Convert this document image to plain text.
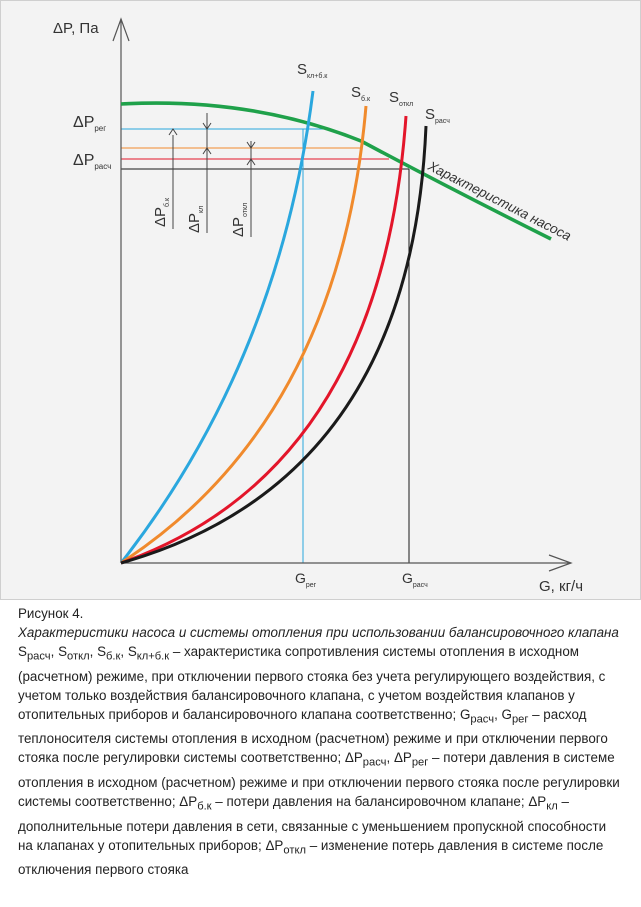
ΔP, Па
G, кг/ч
$\Delta P_{рег}$
$\Delta P_{расч}$
$G_{рег}$	$G_{расч}$
$S_{кл+б.к}$
$S_{б.к}$ $S_{откл}$
$S_{расч}$
Характеристика насоса
$\Delta P_{б.к}$
$\Delta P_{кл}$
$\Delta P_{откл}$

Рисунок 4.

Характеристики насоса и системы отопления при использовании балансировочного клапана

$S_{расч}$, $S_{откл}$, $S_{б.к}$, $S_{кл+б.к}$ – характеристика сопротивления системы отопления в исходном (расчетном) режиме, при отключении первого стояка без учета регулирующего воздействия, с учетом только воздействия балансировочного клапана, с учетом воздействия клапанов у отопительных приборов и балансировочного клапана соответственно; $G_{расч}$, $G_{рег}$ – расход теплоносителя системы отопления в исходном (расчетном) режиме и при отключении первого стояка после регулировки системы соответственно; $\Delta P_{расч}$, $\Delta P_{рег}$ – потери давления в системе отопления в исходном (расчетном) режиме и при отключении первого стояка после регулировки системы соответственно; $\Delta P_{б.к}$ – потери давления на балансировочном клапане; $\Delta P_{кл}$ – дополнительные потери давления в сети, связанные с уменьшением пропускной способности на клапанах у отопительных приборов; $\Delta P_{откл}$ – изменение потерь давления в системе после отключения первого стояка
